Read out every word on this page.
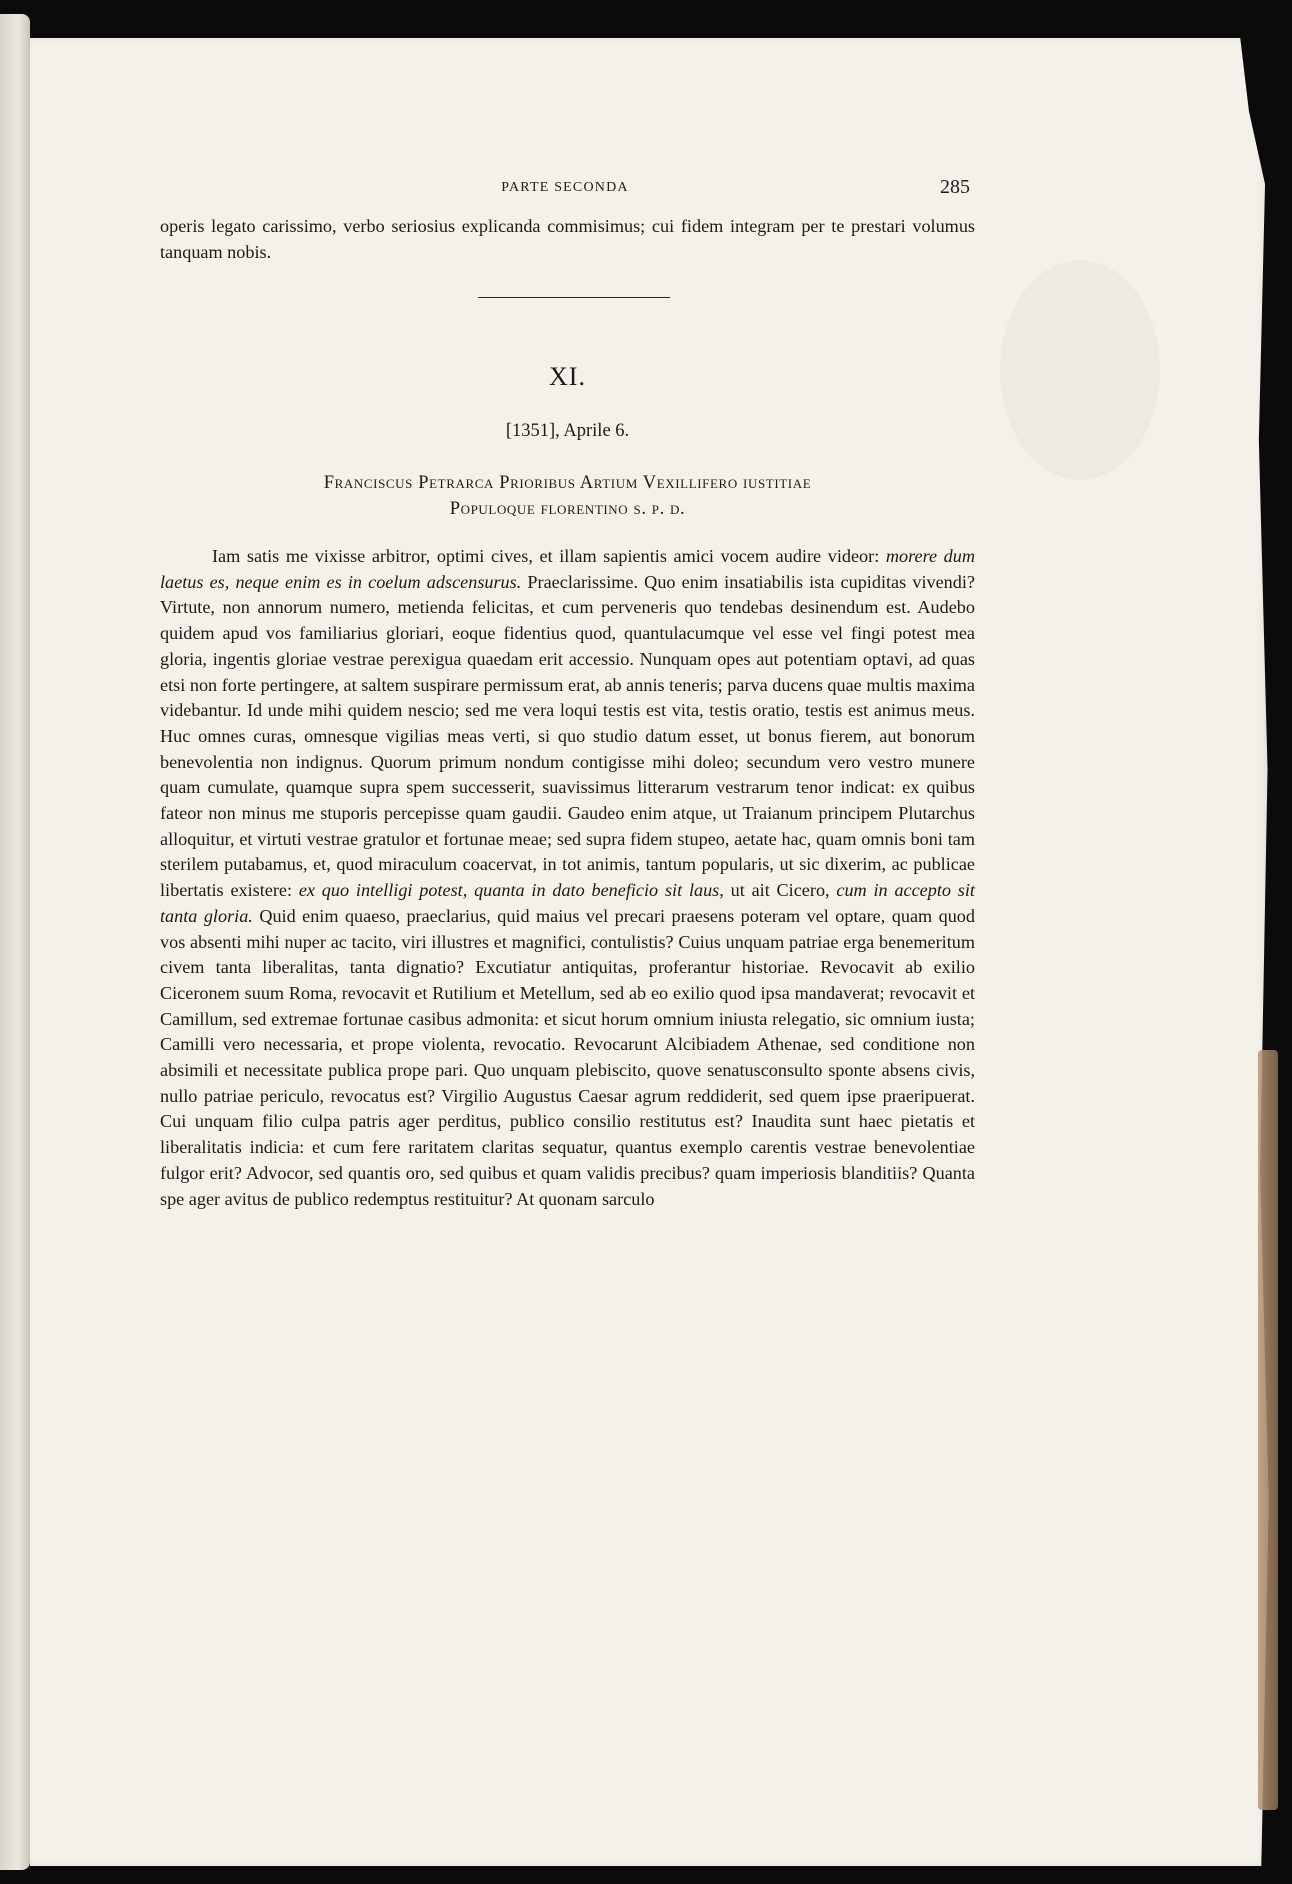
PARTE SECONDA	285

operis legato carissimo, verbo seriosius explicanda commisimus; cui fidem integram per te prestari volumus tanquam nobis.

XI.
[1351], Aprile 6.
Franciscus Petrarca Prioribus Artium Vexillifero iustitiae
Populoque florentino s. p. d.

Iam satis me vixisse arbitror, optimi cives, et illam sapientis amici vocem audire videor: morere dum laetus es, neque enim es in coelum adscensurus. Praeclarissime. Quo enim insatiabilis ista cupiditas vivendi? Virtute, non annorum numero, metienda felicitas, et cum perveneris quo tendebas desinendum est. Audebo quidem apud vos familiarius gloriari, eoque fidentius quod, quantulacumque vel esse vel fingi potest mea gloria, ingentis gloriae vestrae perexigua quaedam erit accessio. Nunquam opes aut potentiam optavi, ad quas etsi non forte pertingere, at saltem suspirare permissum erat, ab annis teneris; parva ducens quae multis maxima videbantur. Id unde mihi quidem nescio; sed me vera loqui testis est vita, testis oratio, testis est animus meus. Huc omnes curas, omnesque vigilias meas verti, si quo studio datum esset, ut bonus fierem, aut bonorum benevolentia non indignus. Quorum primum nondum contigisse mihi doleo; secundum vero vestro munere quam cumulate, quamque supra spem successerit, suavissimus litterarum vestrarum tenor indicat: ex quibus fateor non minus me stuporis percepisse quam gaudii. Gaudeo enim atque, ut Traianum principem Plutarchus alloquitur, et virtuti vestrae gratulor et fortunae meae; sed supra fidem stupeo, aetate hac, quam omnis boni tam sterilem putabamus, et, quod miraculum coacervat, in tot animis, tantum popularis, ut sic dixerim, ac publicae libertatis existere: ex quo intelligi potest, quanta in dato beneficio sit laus, ut ait Cicero, cum in accepto sit tanta gloria. Quid enim quaeso, praeclarius, quid maius vel precari praesens poteram vel optare, quam quod vos absenti mihi nuper ac tacito, viri illustres et magnifici, contulistis? Cuius unquam patriae erga benemeritum civem tanta liberalitas, tanta dignatio? Excutiatur antiquitas, proferantur historiae. Revocavit ab exilio Ciceronem suum Roma, revocavit et Rutilium et Metellum, sed ab eo exilio quod ipsa mandaverat; revocavit et Camillum, sed extremae fortunae casibus admonita: et sicut horum omnium iniusta relegatio, sic omnium iusta; Camilli vero necessaria, et prope violenta, revocatio. Revocarunt Alcibiadem Athenae, sed conditione non absimili et necessitate publica prope pari. Quo unquam plebiscito, quove senatusconsulto sponte absens civis, nullo patriae periculo, revocatus est? Virgilio Augustus Caesar agrum reddiderit, sed quem ipse praeripuerat. Cui unquam filio culpa patris ager perditus, publico consilio restitutus est? Inaudita sunt haec pietatis et liberalitatis indicia: et cum fere raritatem claritas sequatur, quantus exemplo carentis vestrae benevolentiae fulgor erit? Advocor, sed quantis oro, sed quibus et quam validis precibus? quam imperiosis blanditiis? Quanta spe ager avitus de publico redemptus restituitur? At quonam sarculo
